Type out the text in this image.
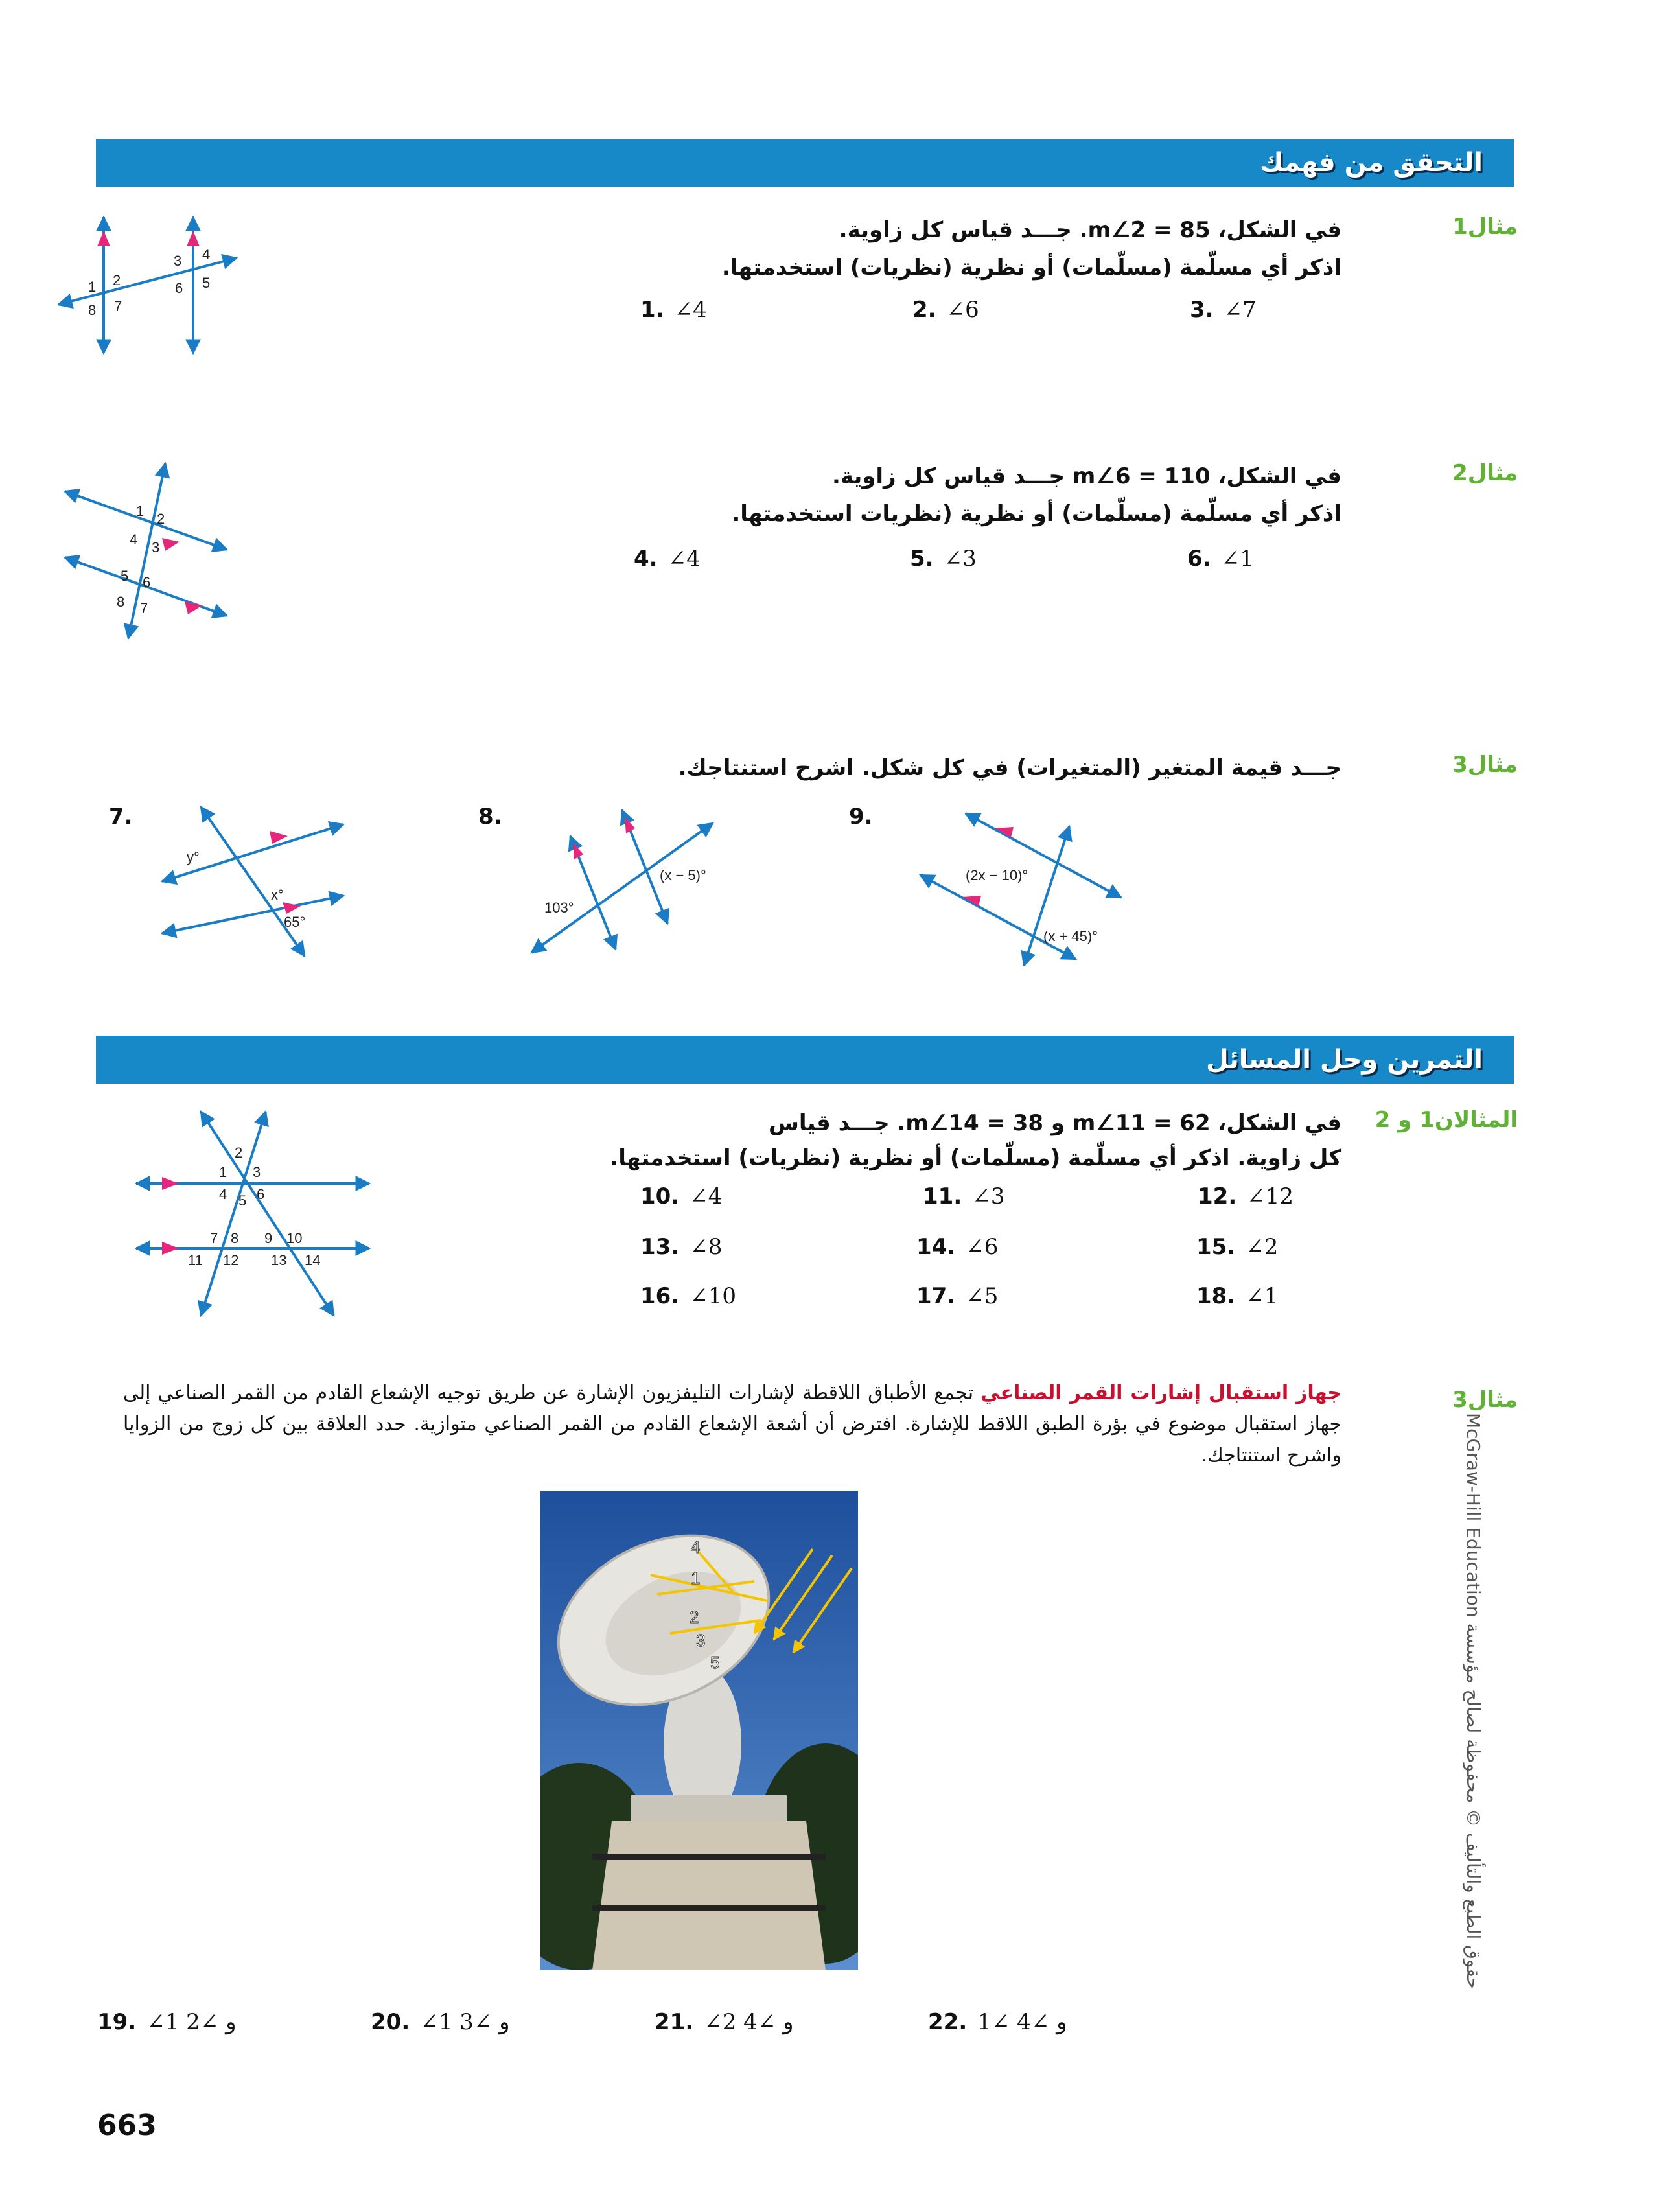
التحقق من فهمك
مثال1
في الشكل، m∠2 = 85. جـــد قياس كل زاوية.
اذكر أي مسلّمة (مسلّمات) أو نظرية (نظريات) استخدمتها.
1. ∠4	2. ∠6	3. ∠7
1 2
3 4
5
6
7
8
مثال2
في الشكل، m∠6 = 110 جـــد قياس كل زاوية.
اذكر أي مسلّمة (مسلّمات) أو نظرية (نظريات استخدمتها.
4. ∠4	5. ∠3	6. ∠1
1 2
3
4
5 6
7
8
مثال3
جـــد قيمة المتغير (المتغيرات) في كل شكل. اشرح استنتاجك.
7.
y°
x°
65°
8.
103°
(x − 5)°
9.
(2x − 10)°
(x + 45)°
التمرين وحل المسائل
المثالان1 و 2
في الشكل، m∠11 = 62 و m∠14 = 38. جـــد قياس
كل زاوية. اذكر أي مسلّمة (مسلّمات) أو نظرية (نظريات) استخدمتها.
10. ∠4	11. ∠3	12. ∠12
13. ∠8	14. ∠6	15. ∠2
16. ∠10	17. ∠5	18. ∠1
1
2
3
4 5 6
7 8 9 10
11 12 13 14
مثال3
جهاز استقبال إشارات القمر الصناعي تجمع الأطباق اللاقطة لإشارات التليفزيون الإشارة عن طريق توجيه الإشعاع القادم من القمر الصناعي إلى جهاز استقبال موضوع في بؤرة الطبق اللاقط للإشارة. افترض أن أشعة الإشعاع القادم من القمر الصناعي متوازية. حدد العلاقة بين كل زوج من الزوايا واشرح استنتاجك.
4
1
2
3
5
19. ∠1 و ∠2	20. ∠1 و ∠3	21. ∠2 و ∠4	22. 1∠ و ∠4
663
حقوق الطبع والتأليف © محفوظة لصالح مؤسسة McGraw-Hill Education
